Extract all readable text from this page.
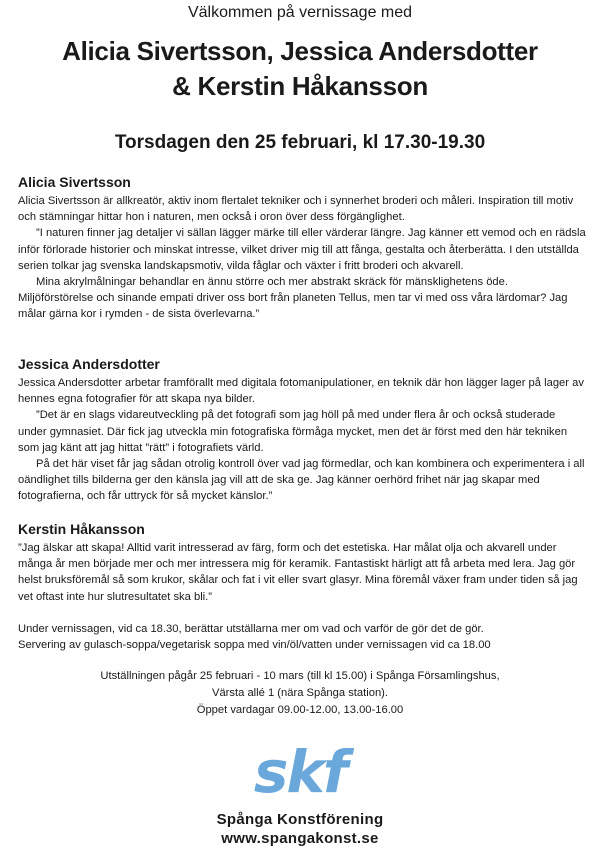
Välkommen på vernissage med
Alicia Sivertsson, Jessica Andersdotter
& Kerstin Håkansson
Torsdagen den 25 februari, kl 17.30-19.30
Alicia Sivertsson

Alicia Sivertsson är allkreatör, aktiv inom flertalet tekniker och i synnerhet broderi och måleri. Inspiration till motiv och stämningar hittar hon i naturen, men också i oron över dess förgänglighet.

”I naturen finner jag detaljer vi sällan lägger märke till eller värderar längre. Jag känner ett vemod och en rädsla inför förlorade historier och minskat intresse, vilket driver mig till att fånga, gestalta och återberätta. I den utställda serien tolkar jag svenska landskapsmotiv, vilda fåglar och växter i fritt broderi och akvarell.

Mina akrylmålningar behandlar en ännu större och mer abstrakt skräck för mänsklighetens öde. Miljöförstörelse och sinande empati driver oss bort från planeten Tellus, men tar vi med oss våra lärdomar? Jag målar gärna kor i rymden - de sista överlevarna.”

Jessica Andersdotter

Jessica Andersdotter arbetar framförallt med digitala fotomanipulationer, en teknik där hon lägger lager på lager av hennes egna fotografier för att skapa nya bilder.

”Det är en slags vidareutveckling på det fotografi som jag höll på med under flera år och också studerade under gymnasiet. Där fick jag utveckla min fotografiska förmåga mycket, men det är först med den här tekniken som jag känt att jag hittat ”rätt” i fotografiets värld.

På det här viset får jag sådan otrolig kontroll över vad jag förmedlar, och kan kombinera och experimentera i all oändlighet tills bilderna ger den känsla jag vill att de ska ge. Jag känner oerhörd frihet när jag skapar med fotografierna, och får uttryck för så mycket känslor.”

Kerstin Håkansson

”Jag älskar att skapa! Alltid varit intresserad av färg, form och det estetiska. Har målat olja och akvarell under många år men började mer och mer intressera mig för keramik. Fantastiskt härligt att få arbeta med lera. Jag gör helst bruksföremål så som krukor, skålar och fat i vit eller svart glasyr. Mina föremål växer fram under tiden så jag vet oftast inte hur slutresultatet ska bli.”

Under vernissagen, vid ca 18.30, berättar utställarna mer om vad och varför de gör det de gör.

Servering av gulasch-soppa/vegetarisk soppa med vin/öl/vatten under vernissagen vid ca 18.00

Utställningen pågår 25 februari - 10 mars (till kl 15.00) i Spånga Församlingshus,
Värsta allé 1 (nära Spånga station).
Öppet vardagar 09.00-12.00, 13.00-16.00
skf
Spånga Konstförening
www.spangakonst.se
